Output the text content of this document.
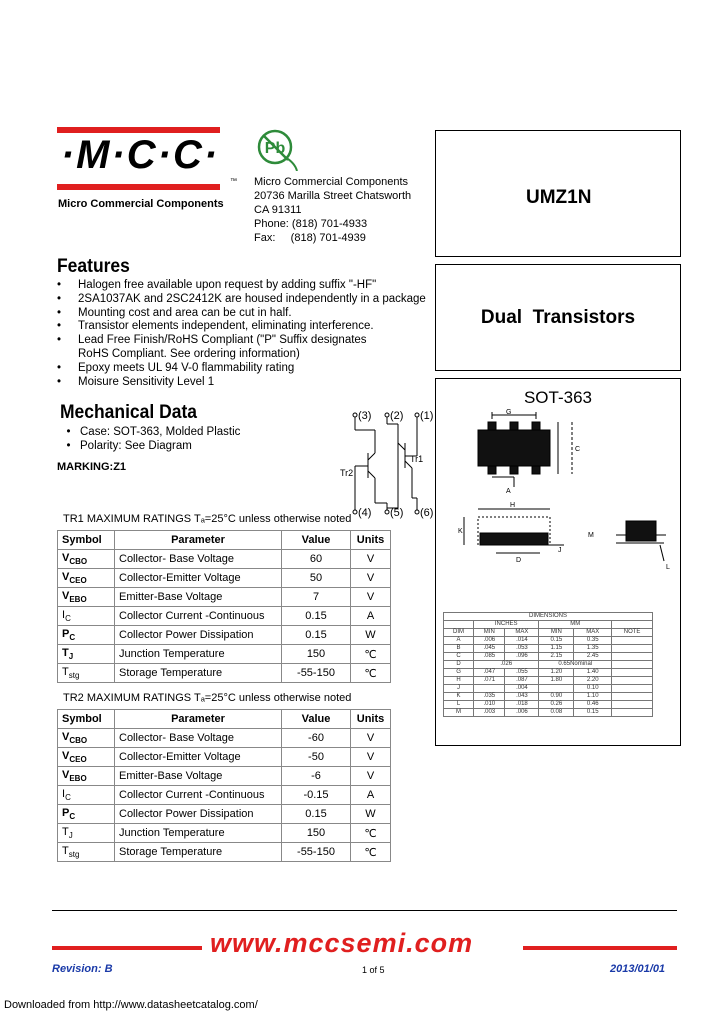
·M·C·C·
™
Micro Commercial Components
Pb
Micro Commercial Components
20736 Marilla Street Chatsworth
CA 91311
Phone: (818) 701-4933
Fax:     (818) 701-4939
UMZ1N
Dual  Transistors
SOT-363
Features
• Halogen free available upon request by adding suffix "-HF"
• 2SA1037AK and 2SC2412K are housed independently in a package
• Mounting cost and area can be cut in half.
• Transistor elements independent, eliminating interference.
•	Lead Free Finish/RoHS Compliant ("P" Suffix designates RoHS Compliant. See ordering information)
• Epoxy meets UL 94 V-0 flammability rating
• Moisure Sensitivity Level 1
Mechanical Data
• Case: SOT-363, Molded Plastic
• Polarity: See Diagram
MARKING:Z1
(3) (2) (1)
(4) (5) (6)
Tr1
Tr2
TR1 MAXIMUM RATINGS Tₐ=25°C unless otherwise noted
Symbol	Parameter	Value	Units
$V_{CBO}$	Collector- Base Voltage	60	V
$V_{CEO}$	Collector-Emitter Voltage	50	V
$V_{EBO}$	Emitter-Base Voltage	7	V
$I_C$	Collector Current -Continuous	0.15	A
$P_C$	Collector Power Dissipation	0.15	W
$T_J$	Junction Temperature	150	℃
$T_{stg}$	Storage Temperature	-55-150	℃
TR2 MAXIMUM RATINGS Tₐ=25°C unless otherwise noted
Symbol	Parameter	Value	Units
$V_{CBO}$	Collector- Base Voltage	-60	V
$V_{CEO}$	Collector-Emitter Voltage	-50	V
$V_{EBO}$	Emitter-Base Voltage	-6	V
$I_C$	Collector Current -Continuous	-0.15	A
$P_C$	Collector Power Dissipation	0.15	W
$T_J$	Junction Temperature	150	℃
$T_{stg}$	Storage Temperature	-55-150	℃
G
C
A
H
K
D
J
M
L
DIMENSIONS					
	INCHES		MM		
DIM	MIN	MAX	MIN	MAX	NOTE
A	.006	.014	0.15	0.35	
B	.045	.053	1.15	1.35	
C	.085	.096	2.15	2.45	
D	.026		0.65Nominal		
G	.047	.055	1.20	1.40	
H	.071	.087	1.80	2.20	
J		.004		0.10	
K	.035	.043	0.90	1.10	
L	.010	.018	0.26	0.46	
M	.003	.006	0.08	0.15	
www.mccsemi.com
Revision: B	1 of 5	2013/01/01
Downloaded from http://www.datasheetcatalog.com/
